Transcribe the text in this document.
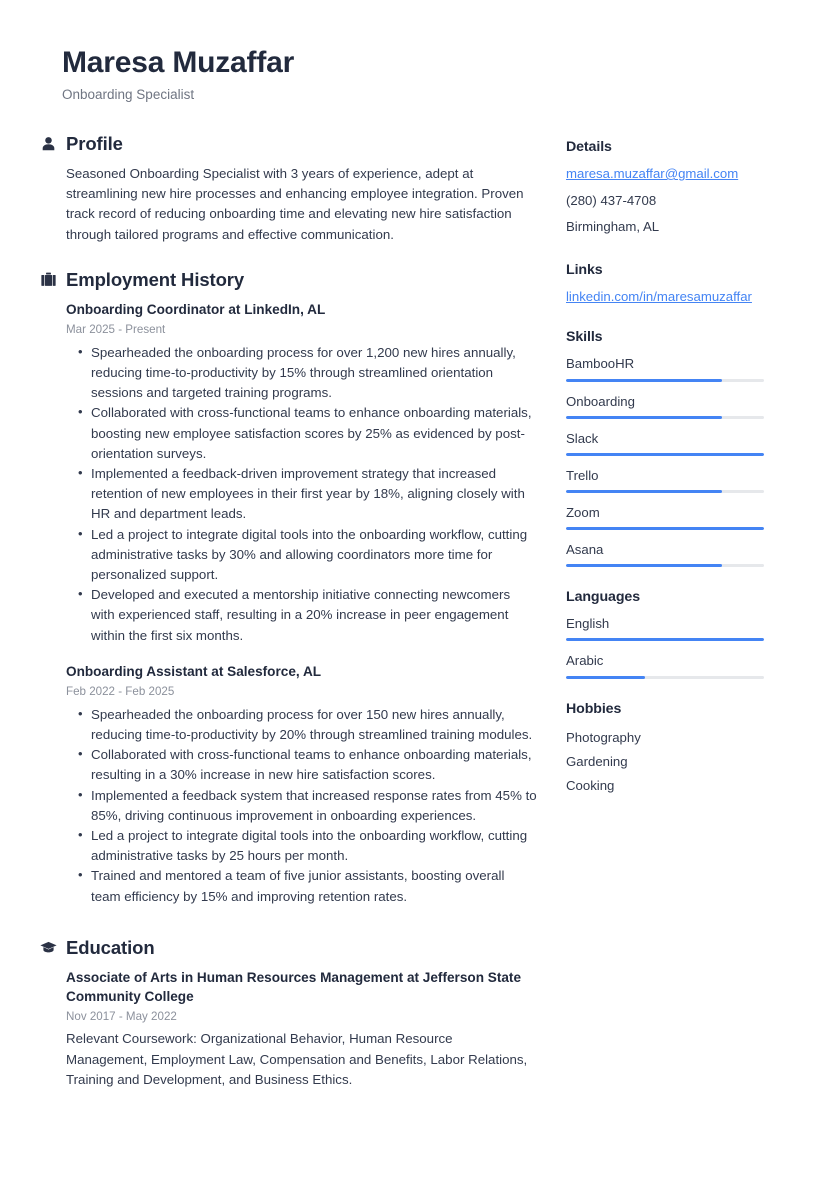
Maresa Muzaffar
Onboarding Specialist
Profile

Seasoned Onboarding Specialist with 3 years of experience, adept at streamlining new hire processes and enhancing employee integration. Proven track record of reducing onboarding time and elevating new hire satisfaction through tailored programs and effective communication.

Employment History
Onboarding Coordinator at LinkedIn, AL
Mar 2025 - Present
• Spearheaded the onboarding process for over 1,200 new hires annually, reducing time-to-productivity by 15% through streamlined orientation sessions and targeted training programs.
• Collaborated with cross-functional teams to enhance onboarding materials, boosting new employee satisfaction scores by 25% as evidenced by post-orientation surveys.
• Implemented a feedback-driven improvement strategy that increased retention of new employees in their first year by 18%, aligning closely with HR and department leads.
• Led a project to integrate digital tools into the onboarding workflow, cutting administrative tasks by 30% and allowing coordinators more time for personalized support.
• Developed and executed a mentorship initiative connecting newcomers with experienced staff, resulting in a 20% increase in peer engagement within the first six months.
Onboarding Assistant at Salesforce, AL
Feb 2022 - Feb 2025
• Spearheaded the onboarding process for over 150 new hires annually, reducing time-to-productivity by 20% through streamlined training modules.
• Collaborated with cross-functional teams to enhance onboarding materials, resulting in a 30% increase in new hire satisfaction scores.
• Implemented a feedback system that increased response rates from 45% to 85%, driving continuous improvement in onboarding experiences.
• Led a project to integrate digital tools into the onboarding workflow, cutting administrative tasks by 25 hours per month.
• Trained and mentored a team of five junior assistants, boosting overall team efficiency by 15% and improving retention rates.
Education
Associate of Arts in Human Resources Management at Jefferson State Community College
Nov 2017 - May 2022
Relevant Coursework: Organizational Behavior, Human Resource Management, Employment Law, Compensation and Benefits, Labor Relations, Training and Development, and Business Ethics.
Details
maresa.muzaffar@gmail.com
(280) 437-4708
Birmingham, AL
Links
linkedin.com/in/maresamuzaffar
Skills
BambooHR
Onboarding
Slack
Trello
Zoom
Asana
Languages
English
Arabic
Hobbies
Photography
Gardening
Cooking
